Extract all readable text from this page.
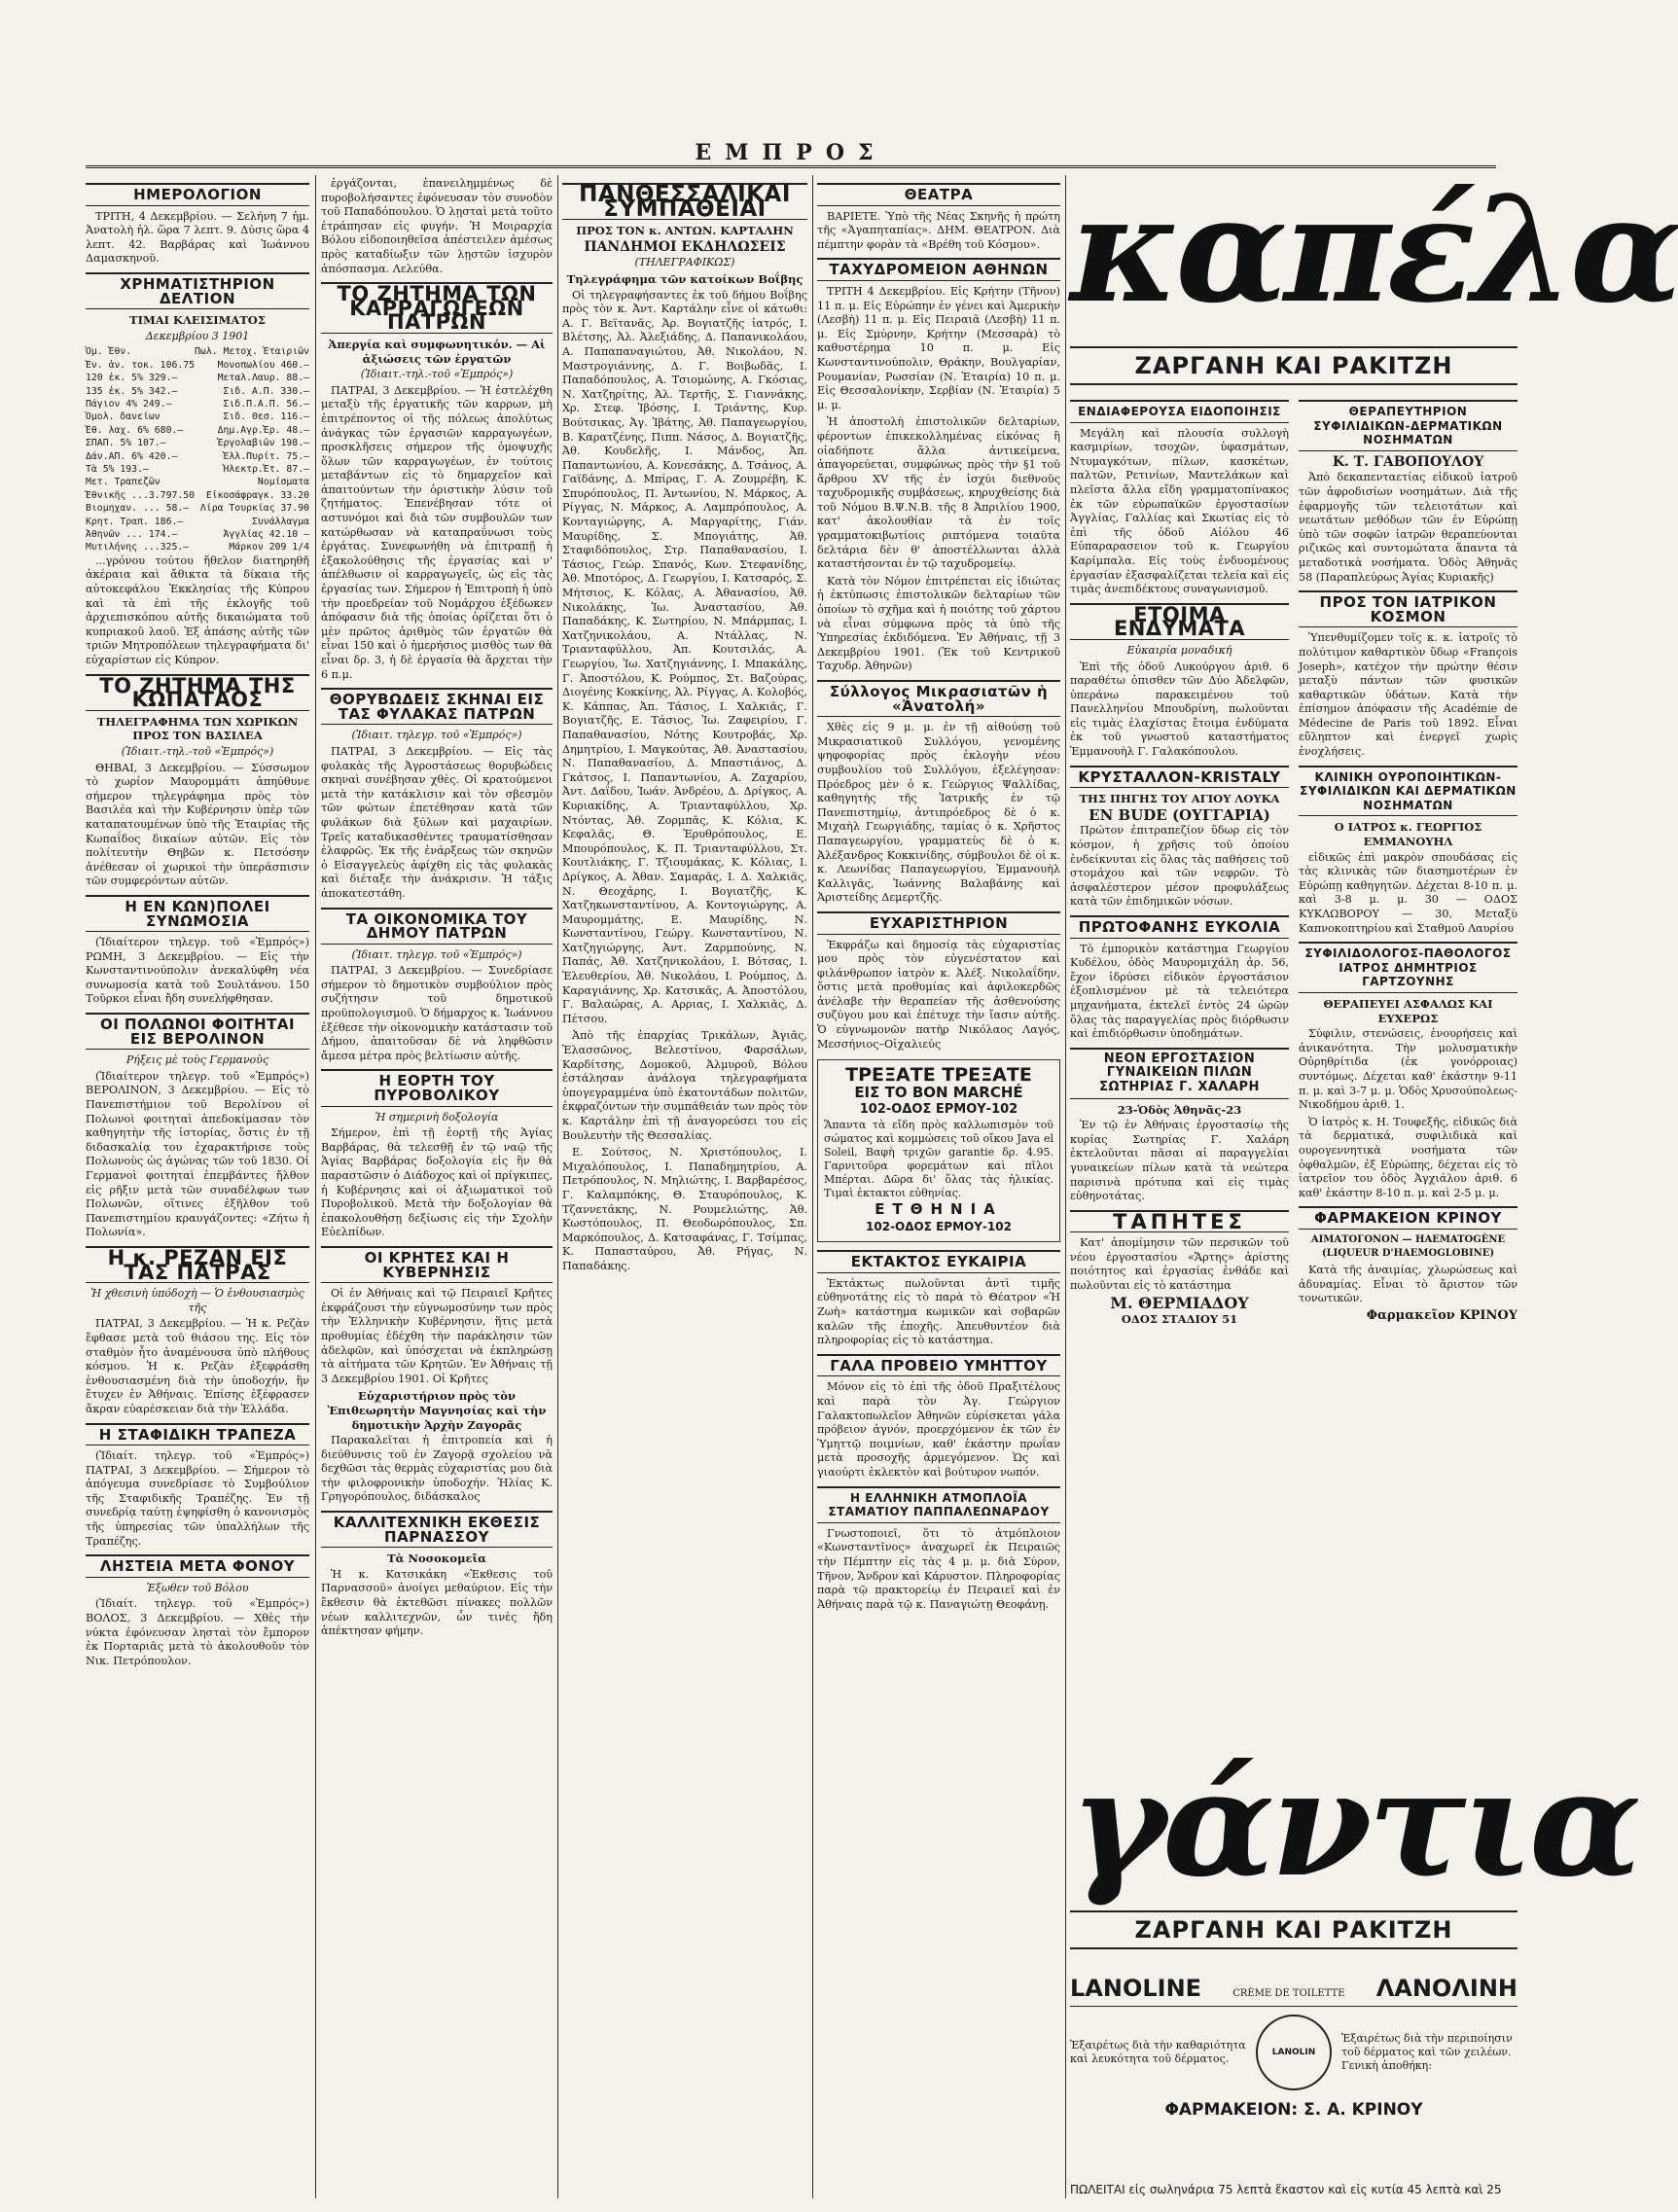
ΕΜΠΡΟΣ
ΗΜΕΡΟΛΟΓΙΟΝ

ΤΡΙΤΗ, 4 Δεκεμβρίου. — Σελήνη 7 ἡμ. Ἀνατολὴ ἡλ. ὥρα 7 λεπτ. 9. Δύσις ὥρα 4 λεπτ. 42. Βαρβάρας καὶ Ἰωάννου Δαμασκηνοῦ.

ΧΡΗΜΑΤΙΣΤΗΡΙΟΝ ΔΕΛΤΙΟΝ
ΤΙΜΑΙ ΚΛΕΙΣΙΜΑΤΟΣ
Δεκεμβρίου 3 1901
Ὁμ. Ἐθν.	Πωλ. Μετοχ. Ἑταιριῶν
Ἐν. ἀν. τοκ. 106.75 Μονοπωλίου 460.—
120 ἐκ. 5% 329.—	Μεταλ.Λαυρ. 88.—
135 ἐκ. 5% 342.—	Σιδ. Α.Π. 330.—
Πάγιον 4% 249.—	Σιδ.Π.Α.Π. 56.—
Ὁμολ. δανείων	Σιδ. Θεσ. 116.—
Ἐθ. λαχ. 6% 680.—	Δημ.Αγρ.Ἐρ. 48.—
ΣΠΑΠ. 5% 107.—	Ἐργολαβιῶν 198.—
Δάν.ΑΠ. 6% 420.—	Ἑλλ.Πυρίτ. 75.—
Τὰ 5% 193.—	Ἠλεκτρ.Ἐτ. 87.—
Μετ. Τραπεζῶν	Νομίσματα
Ἐθνικῆς ...3.797.50 Εἰκοσάφραγκ. 33.20
Βιομηχαν. ... 58.— Λίρα Τουρκίας 37.90
Κρητ. Τραπ. 186.—	Συνάλλαγμα
Ἀθηνῶν ... 174.—	Ἀγγλίας 42.10 —
Μυτιλήνης ...325.—	Μάρκον 209 1/4

...γρόνου τούτου ἤθελον διατηρηθῆ ἀκέραια καὶ ἄθικτα τὰ δίκαια τῆς αὐτοκεφάλου Ἐκκλησίας τῆς Κύπρου καὶ τὰ ἐπὶ τῆς ἐκλογῆς τοῦ ἀρχιεπισκόπου αὐτῆς δικαιώματα τοῦ κυπριακοῦ λαοῦ. Ἐξ ἀπάσης αὐτῆς τῶν τριῶν Μητροπόλεων τηλεγραφήματα δι' εὐχαρίστων εἰς Κύπρον.

ΤΟ ΖΗΤΗΜΑ ΤΗΣ ΚΩΠΑΤΑΟΣ
ΤΗΛΕΓΡΑΦΗΜΑ ΤΩΝ ΧΩΡΙΚΩΝ ΠΡΟΣ ΤΟΝ ΒΑΣΙΛΕΑ
(Ἰδιαιτ.-τηλ.-τοῦ «Ἐμπρός»)

ΘΗΒΑΙ, 3 Δεκεμβρίου. — Σύσσωμον τὸ χωρίον Μαυρομμάτι ἀπηύθυνε σήμερον τηλεγράφημα πρὸς τὸν Βασιλέα καὶ τὴν Κυβέρνησιν ὑπὲρ τῶν καταπατουμένων ὑπὸ τῆς Ἑταιρίας τῆς Κωπαΐδος δικαίων αὐτῶν. Εἰς τὸν πολίτευτὴν Θηβῶν κ. Πετσόσην ἀνέθεσαν οἱ χωρικοὶ τὴν ὑπεράσπισιν τῶν συμφερόντων αὐτῶν.

Η ΕΝ ΚΩΝ)ΠΟΛΕΙ ΣΥΝΩΜΟΣΙΑ

(Ἰδιαίτερον τηλεγρ. τοῦ «Ἐμπρός») ΡΩΜΗ, 3 Δεκεμβρίου. — Εἰς τὴν Κωνσταντινούπολιν ἀνεκαλύφθη νέα συνωμοσία κατὰ τοῦ Σουλτάνου. 150 Τοῦρκοι εἶναι ἤδη συνελήφθησαν.

ΟΙ ΠΟΛΩΝΟΙ ΦΟΙΤΗΤΑΙ ΕΙΣ ΒΕΡΟΛΙΝΟΝ
Ρήξεις μὲ τοὺς Γερμανοὺς

(Ἰδιαίτερον τηλεγρ. τοῦ «Ἐμπρός») ΒΕΡΟΛΙΝΟΝ, 3 Δεκεμβρίου. — Εἰς τὸ Πανεπιστήμιον τοῦ Βερολίνου οἱ Πολωνοὶ φοιτηταὶ ἀπεδοκίμασαν τὸν καθηγητὴν τῆς ἱστορίας, ὅστις ἐν τῇ διδασκαλίᾳ του ἐχαρακτήρισε τοὺς Πολωνοὺς ὡς ἀγώνας τῶν τοῦ 1830. Οἱ Γερμανοὶ φοιτηταὶ ἐπεμβάντες ἤλθον εἰς ρῆξιν μετὰ τῶν συναδέλφων των Πολωνῶν, οἵτινες ἐξῆλθον τοῦ Πανεπιστημίου κραυγάζοντες: «Ζήτω ἡ Πολωνία».

Η κ. ΡΕΖΑΝ ΕΙΣ ΤΑΣ ΠΑΤΡΑΣ
Ἡ χθεσινὴ ὑπόδοχὴ — Ὁ ἐνθουσιασμὸς τῆς

ΠΑΤΡΑΙ, 3 Δεκεμβρίου. — Ἡ κ. Ρεζὰν ἔφθασε μετὰ τοῦ θιάσου της. Εἰς τὸν σταθμὸν ἦτο ἀναμένουσα ὑπὸ πλήθους κόσμου. Ἡ κ. Ρεζὰν ἐξεφράσθη ἐνθουσιασμένη διὰ τὴν ὑποδοχήν, ἣν ἔτυχεν ἐν Ἀθήναις. Ἐπίσης ἐξέφρασεν ἄκραν εὐαρέσκειαν διὰ τὴν Ἑλλάδα.

Η ΣΤΑΦΙΔΙΚΗ ΤΡΑΠΕΖΑ

(Ἰδιαίτ. τηλεγρ. τοῦ «Ἐμπρός») ΠΑΤΡΑΙ, 3 Δεκεμβρίου. — Σήμερον τὸ ἀπόγευμα συνεδρίασε τὸ Συμβούλιον τῆς Σταφιδικῆς Τραπέζης. Ἐν τῇ συνεδρίᾳ ταύτῃ ἐψηφίσθη ὁ κανονισμὸς τῆς ὑπηρεσίας τῶν ὑπαλλήλων τῆς Τραπέζης.

ΛΗΣΤΕΙΑ ΜΕΤΑ ΦΟΝΟΥ
Ἐξωθεν τοῦ Βόλου

(Ἰδιαίτ. τηλεγρ. τοῦ «Ἐμπρός») ΒΟΛΟΣ, 3 Δεκεμβρίου. — Χθὲς τὴν νύκτα ἐφόνευσαν λησταὶ τὸν ἔμπορον ἐκ Πορταριᾶς μετὰ τὸ ἀκολουθοῦν τὸν Νικ. Πετρόπουλον.

ἐργάζονται, ἐπανειλημμένως δὲ πυροβολήσαντες ἐφόνευσαν τὸν συνοδὸν τοῦ Παπαδόπουλου. Ὁ λῃσταὶ μετὰ τοῦτο ἐτράπησαν εἰς φυγήν. Ἡ Μοιραρχία Βόλου εἰδοποιηθεῖσα ἀπέστειλεν ἀμέσως πρὸς καταδίωξιν τῶν λῃστῶν ἰσχυρὸν ἀπόσπασμα. Λελεύθα.

ΤΟ ΖΗΤΗΜΑ ΤΩΝ ΚΑΡΡΑΓΩΓΕΩΝ ΠΑΤΡΩΝ
Ἀπεργία καὶ συμφωνητικόν. — Αἱ ἀξιώσεις τῶν ἐργατῶν
(Ἰδιαιτ.-τηλ.-τοῦ «Ἐμπρός»)

ΠΑΤΡΑΙ, 3 Δεκεμβρίου. — Ἡ ἐστελέχθη μεταξὺ τῆς ἐργατικῆς τῶν καρρων, μὴ ἐπιτρέποντος οἱ τῆς πόλεως ἀπολύτως ἀνάγκας τῶν ἐργασιῶν καρραγωγέων, προσκλῆσεις σήμερον τῆς ὁμοψυχῆς ὅλων τῶν καρραγωγέων, ἐν τούτοις μεταβάντων εἰς τὸ δημαρχεῖον καὶ ἀπαιτούντων τὴν ὁριστικὴν λύσιν τοῦ ζητήματος. Ἐπενέβησαν τότε οἱ αστυνόμοι καὶ διὰ τῶν συμβουλῶν των κατώρθωσαν νὰ καταπραΰνωσι τοὺς ἐργάτας. Συνεφωνήθη νὰ ἐπιτραπῇ ἡ ἐξακολούθησις τῆς ἐργασίας καὶ ν' ἀπέλθωσιν οἱ καρραγωγεῖς, ὡς εἰς τὰς ἐργασίας των. Σήμερον ἡ Ἐπιτροπὴ ἡ ὑπὸ τὴν προεδρείαν τοῦ Νομάρχου ἐξέδωκεν ἀπόφασιν διὰ τῆς ὁποίας ὁρίζεται ὅτι ὁ μὲν πρῶτος ἀριθμὸς τῶν ἐργατῶν θὰ εἶναι 150 καὶ ὁ ἡμερήσιος μισθὸς των θὰ εἶναι δρ. 3, ἡ δὲ ἐργασία θὰ ἄρχεται τὴν 6 π.μ.

ΘΟΡΥΒΩΔΕΙΣ ΣΚΗΝΑΙ ΕΙΣ ΤΑΣ ΦΥΛΑΚΑΣ ΠΑΤΡΩΝ
(Ἰδιαιτ. τηλεγρ. τοῦ «Ἐμπρός»)

ΠΑΤΡΑΙ, 3 Δεκεμβρίου. — Εἰς τὰς φυλακὰς τῆς Ἀγροστάσεως θορυβώδεις σκηναὶ συνέβησαν χθὲς. Οἱ κρατούμενοι μετὰ τὴν κατάκλισιν καὶ τὸν σβεσμὸν τῶν φώτων ἐπετέθησαν κατὰ τῶν φυλάκων διὰ ξύλων καὶ μαχαιρίων. Τρεῖς καταδικασθέντες τραυματίσθησαν ἐλαφρῶς. Ἐκ τῆς ἐνάρξεως τῶν σκηνῶν ὁ Εἰσαγγελεὺς ἀφίχθη εἰς τὰς φυλακὰς καὶ διέταξε τὴν ἀνάκρισιν. Ἡ τάξις ἀποκατεστάθη.

ΤΑ ΟΙΚΟΝΟΜΙΚΑ ΤΟΥ ΔΗΜΟΥ ΠΑΤΡΩΝ
(Ἰδιαιτ. τηλεγρ. τοῦ «Ἐμπρός»)

ΠΑΤΡΑΙ, 3 Δεκεμβρίου. — Συνεδρίασε σήμερον τὸ δημοτικὸν συμβούλιον πρὸς συζήτησιν τοῦ δημοτικοῦ προϋπολογισμοῦ. Ὁ δήμαρχος κ. Ἰωάννου ἐξέθεσε τὴν οἰκονομικὴν κατάστασιν τοῦ Δήμου, ἀπαιτοῦσαν δὲ νὰ ληφθῶσιν ἄμεσα μέτρα πρὸς βελτίωσιν αὐτῆς.

Η ΕΟΡΤΗ ΤΟΥ ΠΥΡΟΒΟΛΙΚΟΥ
Ἡ σημερινὴ δοξολογία

Σήμερον, ἐπὶ τῇ ἑορτῇ τῆς Ἁγίας Βαρβάρας, θὰ τελεσθῇ ἐν τῷ ναῷ τῆς Ἁγίας Βαρβάρας δοξολογία εἰς ἣν θὰ παραστῶσιν ὁ Διάδοχος καὶ οἱ πρίγκιπες, ἡ Κυβέρνησις καὶ οἱ ἀξιωματικοὶ τοῦ Πυροβολικοῦ. Μετὰ τὴν δοξολογίαν θὰ ἐπακολουθήσῃ δεξίωσις εἰς τὴν Σχολὴν Εὐελπίδων.

ΟΙ ΚΡΗΤΕΣ ΚΑΙ Η ΚΥΒΕΡΝΗΣΙΣ

Οἱ ἐν Ἀθήναις καὶ τῷ Πειραιεῖ Κρῆτες ἐκφράζουσι τὴν εὐγνωμοσύνην των πρὸς τὴν Ἑλληνικὴν Κυβέρνησιν, ἥτις μετὰ προθυμίας ἐδέχθη τὴν παράκλησιν τῶν ἀδελφῶν, καὶ ὑπόσχεται νὰ ἐκπληρώσῃ τὰ αἰτήματα τῶν Κρητῶν. Ἐν Ἀθήναις τῇ 3 Δεκεμβρίου 1901. Οἱ Κρῆτες

Εὐχαριστήριον πρὸς τὸν Ἐπιθεωρητὴν Μαγνησίας καὶ τὴν δημοτικὴν Ἀρχὴν Ζαγορᾶς

Παρακαλεῖται ἡ ἐπιτροπεία καὶ ἡ διεύθυνσις τοῦ ἐν Ζαγορᾷ σχολείου νὰ δεχθῶσι τὰς θερμὰς εὐχαριστίας μου διὰ τὴν φιλοφρονικὴν ὑποδοχήν. Ἠλίας Κ. Γρηγορόπουλος, διδάσκαλος

ΚΑΛΛΙΤΕΧΝΙΚΗ ΕΚΘΕΣΙΣ ΠΑΡΝΑΣΣΟΥ
Τὰ Νοσοκομεῖα

Ἡ κ. Κατσικάκη «Ἐκθεσις τοῦ Παρνασσοῦ» ἀνοίγει μεθαύριον. Εἰς τὴν ἔκθεσιν θὰ ἐκτεθῶσι πίνακες πολλῶν νέων καλλιτεχνῶν, ὧν τινὲς ἤδη ἀπέκτησαν φήμην.

ΠΑΝΘΕΣΣΑΛΙΚΑΙ ΣΥΜΠΑΘΕΙΑΙ
ΠΡΟΣ ΤΟΝ κ. ΑΝΤΩΝ. ΚΑΡΤΑΛΗΝ
ΠΑΝΔΗΜΟΙ ΕΚΔΗΛΩΣΕΙΣ
(ΤΗΛΕΓΡΑΦΙΚΩΣ)
Τηλεγράφημα τῶν κατοίκων Βοΐβης

Οἱ τηλεγραφήσαντες ἐκ τοῦ δήμου Βοΐβης πρὸς τὸν κ. Ἀντ. Καρτάλην εἶνε οἱ κάτωθι: Α. Γ. Βεϊτανᾶς, Ἀρ. Βογιατζῆς ἰατρός, Ι. Βλέτσης, Ἀλ. Ἀλεξιάδης, Δ. Παπανικολάου, Α. Παπαπαναγιώτου, Ἀθ. Νικολάου, Ν. Μαστρογιάννης, Δ. Γ. Βοιβωδᾶς, Ι. Παπαδόπουλος, Α. Τσιομώνης, Α. Γκόσιας, Ν. Χατζηρίτης, Ἀλ. Τερτῆς, Σ. Γιαννάκης, Χρ. Στεφ. Ἰβόσης, Ι. Τριάντης, Κυρ. Βούτσικας, Ἀγ. Ἰβάτης, Ἀθ. Παπαγεωργίου, Β. Καρατζένης, Πιππ. Νάσος, Δ. Βογιατζῆς, Ἀθ. Κουδελῆς, Ι. Μάνδος, Ἀπ. Παπαντωνίου, Α. Κονεσάκης, Δ. Τσάνος, Α. Γαϊδάνης, Δ. Μπίρας, Γ. Α. Ζουμρέβη, Κ. Σπυρόπουλος, Π. Ἀντωνίου, Ν. Μάρκος, Α. Ρίγγας, Ν. Μάρκος, Α. Λαμπρόπουλος, Α. Κονταγιώργης, Α. Μαργαρίτης, Γιάν. Μαυρίδης, Σ. Μπογιάτης, Ἀθ. Σταφιδόπουλος, Στρ. Παπαθανασίου, Ι. Τάσιος, Γεώρ. Σπανός, Κων. Στεφανίδης, Ἀθ. Μποτόρος, Δ. Γεωργίου, Ι. Κατσαρός, Σ. Μήτσιος, Κ. Κόλας, Α. Ἀθανασίου, Ἀθ. Νικολάκης, Ἰω. Ἀναστασίου, Ἀθ. Παπαδάκης, Κ. Σωτηρίου, Ν. Μπάρμπας, Ι. Χατζηνικολάου, Α. Ντάλλας, Ν. Τριανταφύλλου, Ἀπ. Κουτσιλάς, Α. Γεωργίου, Ἰω. Χατζηγιάννης, Ι. Μπακάλης, Γ. Ἀποστόλου, Κ. Ρούμπος, Στ. Βαζούρας, Διογένης Κοκκίνης, Ἀλ. Ρίγγας, Α. Κολοβός, Κ. Κάππας, Ἀπ. Τάσιος, Ι. Χαλκιᾶς, Γ. Βογιατζῆς, Ε. Τάσιος, Ἰω. Ζαφειρίου, Γ. Παπαθανασίου, Νότης Κουτροβάς, Χρ. Δημητρίου, Ι. Μαγκούτας, Ἀθ. Ἀναστασίου, Ν. Παπαθανασίου, Δ. Μπαστιάνος, Δ. Γκάτσος, Ι. Παπαντωνίου, Α. Ζαχαρίου, Ἀντ. Δαΐδου, Ἰωάν. Ἀνδρέου, Δ. Δρίγκος, Α. Κυριακίδης, Α. Τριανταφύλλου, Χρ. Ντόντας, Ἀθ. Ζορμπᾶς, Κ. Κόλια, Κ. Κεφαλᾶς, Θ. Ἐρυθρόπουλος, Ε. Μπουρόπουλος, Κ. Π. Τριανταφύλλου, Στ. Κουτλιάκης, Γ. Τζιουμάκας, Κ. Κόλιας, Ι. Δρίγκος, Α. Ἀθαν. Σαμαρᾶς, Ι. Δ. Χαλκιᾶς, Ν. Θεοχάρης, Ι. Βογιατζῆς, Κ. Χατζηκωνσταντίνου, Α. Κοντογιώργης, Α. Μαυρομμάτης, Ε. Μαυρίδης, Ν. Κωνσταντίνου, Γεώργ. Κωνσταντίνου, Ν. Χατζηγιώργης, Ἀντ. Ζαρμπούνης, Ν. Παπάς, Ἀθ. Χατζηνικολάου, Ι. Βότσας, Ι. Ἐλευθερίου, Ἀθ. Νικολάου, Ι. Ρούμπος, Δ. Καραγιάννης, Χρ. Κατσικᾶς, Α. Ἀποστόλου, Γ. Βαλαώρας, Α. Αρριας, Ι. Χαλκιᾶς, Δ. Πέτσου.

Ἀπὸ τῆς ἐπαρχίας Τρικάλων, Ἀγιᾶς, Ἐλασσῶνος, Βελεστίνου, Φαρσάλων, Καρδίτσης, Δομοκοῦ, Ἀλμυροῦ, Βόλου ἐστάλησαν ἀνάλογα τηλεγραφήματα ὑπογεγραμμένα ὑπὸ ἑκατοντάδων πολιτῶν, ἐκφραζόντων τὴν συμπάθειάν των πρὸς τὸν κ. Καρτάλην ἐπὶ τῇ ἀναγορεύσει του εἰς Βουλευτὴν τῆς Θεσσαλίας.

Ε. Σούτσος, Ν. Χριστόπουλος, Ι. Μιχαλόπουλος, Ι. Παπαδημητρίου, Α. Πετρόπουλος, Ν. Μηλιώτης, Ι. Βαρβαρέσος, Γ. Καλαμπόκης, Θ. Σταυρόπουλος, Κ. Τζαννετάκης, Ν. Ρουμελιώτης, Ἀθ. Κωστόπουλος, Π. Θεοδωρόπουλος, Σπ. Μαρκόπουλος, Δ. Κατσαφάνας, Γ. Τσίμπας, Κ. Παπασταύρου, Ἀθ. Ρήγας, Ν. Παπαδάκης.

ΘΕΑΤΡΑ

ΒΑΡΙΕΤΕ. Ὑπὸ τῆς Νέας Σκηνῆς ἡ πρώτη τῆς «Ἀγαπηταπίας». ΔΗΜ. ΘΕΑΤΡΟΝ. Διὰ πέμπτην φορὰν τὰ «Βρέθη τοῦ Κόσμου».

ΤΑΧΥΔΡΟΜΕΙΟΝ ΑΘΗΝΩΝ

ΤΡΙΤΗ 4 Δεκεμβρίου. Εἰς Κρήτην (Τῆνον) 11 π. μ. Εἰς Εὐρώπην ἐν γένει καὶ Ἀμερικὴν (Λεσβὴ) 11 π. μ. Εἰς Πειραιᾶ (Λεσβὴ) 11 π. μ. Εἰς Σμύρνην, Κρήτην (Μεσσαρὰ) τὸ καθυστέρημα 10 π. μ. Εἰς Κωνσταντινούπολιν, Θράκην, Βουλγαρίαν, Ρουμανίαν, Ρωσσίαν (Ν. Ἐταιρία) 10 π. μ. Εἰς Θεσσαλονίκην, Σερβίαν (Ν. Ἐταιρία) 5 μ. μ.

Ἡ ἀποστολὴ ἐπιστολικῶν δελταρίων, φέροντων ἐπικεκολλημένας εἰκόνας ἢ οἱαδήποτε ἄλλα ἀντικείμενα, ἀπαγορεύεται, συμφώνως πρὸς τὴν §1 τοῦ ἄρθρου XV τῆς ἐν ἰσχύι διεθνοῦς ταχυδρομικῆς συμβάσεως, κηρυχθείσης διὰ τοῦ Νόμου Β.Ψ.Ν.Β. τῆς 8 Ἀπριλίου 1900, κατ' ἀκολουθίαν τὰ ἐν τοῖς γραμματοκιβωτίοις ριπτόμενα τοιαῦτα δελτάρια δὲν θ' ἀποστέλλωνται ἀλλὰ καταστήσονται ἐν τῷ ταχυδρομείῳ.

Κατὰ τὸν Νόμον ἐπιτρέπεται εἰς ἰδιώτας ἡ ἐκτύπωσις ἐπιστολικῶν δελταρίων τῶν ὁποίων τὸ σχῆμα καὶ ἡ ποιότης τοῦ χάρτου νὰ εἶναι σύμφωνα πρὸς τὰ ὑπὸ τῆς Ὑπηρεσίας ἐκδιδόμενα. Ἐν Ἀθήναις, τῇ 3 Δεκεμβρίου 1901. (Ἐκ τοῦ Κεντρικοῦ Ταχυδρ. Ἀθηνῶν)

Σύλλογος Μικρασιατῶν ἡ «Ἀνατολή»

Χθὲς εἰς 9 μ. μ. ἐν τῇ αἰθούσῃ τοῦ Μικρασιατικοῦ Συλλόγου, γενομένης ψηφοφορίας πρὸς ἐκλογὴν νέου συμβουλίου τοῦ Συλλόγου, ἐξελέγησαν: Πρόεδρος μὲν ὁ κ. Γεώργιος Ψαλλίδας, καθηγητὴς τῆς Ἰατρικῆς ἐν τῷ Πανεπιστημίῳ, ἀντιπρόεδρος δὲ ὁ κ. Μιχαὴλ Γεωργιάδης, ταμίας ὁ κ. Χρῆστος Παπαγεωργίου, γραμματεὺς δὲ ὁ κ. Ἀλέξανδρος Κοκκινίδης, σύμβουλοι δὲ οἱ κ. κ. Λεωνίδας Παπαγεωργίου, Ἐμμανουὴλ Καλλιγᾶς, Ἰωάννης Βαλαβάνης καὶ Ἀριστείδης Δεμερτζῆς.

ΕΥΧΑΡΙΣΤΗΡΙΟΝ

Ἐκφράζω καὶ δημοσίᾳ τὰς εὐχαριστίας μου πρὸς τὸν εὐγενέστατον καὶ φιλάνθρωπον ἰατρὸν κ. Ἀλέξ. Νικολαΐδην, ὅστις μετὰ προθυμίας καὶ ἀφιλοκερδῶς ἀνέλαβε τὴν θεραπείαν τῆς ἀσθενούσης συζύγου μου καὶ ἐπέτυχε τὴν ἴασιν αὐτῆς. Ὁ εὐγνωμονῶν πατὴρ Νικόλαος Λαγός, Μεσσήνιος–Οἰχαλιεύς

ΤΡΕΞΑΤΕ ΤΡΕΞΑΤΕ
ΕΙΣ ΤΟ BON MARCHÉ
102-ΟΔΟΣ ΕΡΜΟΥ-102
Ἅπαντα τὰ εἴδη πρὸς καλλωπισμὸν τοῦ σώματος καὶ κομμώσεις τοῦ οἴκου Java el Soleil, Βαφὴ τριχῶν garantie δρ. 4.95. Γαρνιτοῦρα φορεμάτων καὶ πῖλοι Μπέρται. Δῶρα δι' ὅλας τὰς ἡλικίας. Τιμαὶ ἐκτακτοι εὐθηνίας.
ΕΤΘΗΝΙΑ
102-ΟΔΟΣ ΕΡΜΟΥ-102
ΕΚΤΑΚΤΟΣ ΕΥΚΑΙΡΙΑ

Ἐκτάκτως πωλοῦνται ἀντὶ τιμῆς εὐθηνοτάτης εἰς τὸ παρὰ τὸ Θέατρον «Ἡ Ζωὴ» κατάστημα κωμικῶν καὶ σοβαρῶν καλῶν τῆς ἐποχῆς. Ἀπευθυντέον διὰ πληροφορίας εἰς τὸ κατάστημα.

ΓΑΛΑ ΠΡΟΒΕΙΟ ΥΜΗΤΤΟΥ

Μόνον εἰς τὸ ἐπὶ τῆς ὁδοῦ Πραξιτέλους καὶ παρὰ τὸν Ἀγ. Γεώργιον Γαλακτοπωλεῖον Ἀθηνῶν εὑρίσκεται γάλα πρόβειον ἁγνόν, προερχόμενον ἐκ τῶν ἐν Ὑμηττῷ ποιμνίων, καθ' ἑκάστην πρωΐαν μετὰ προσοχῆς ἀρμεγόμενον. Ὡς καὶ γιαούρτι ἐκλεκτὸν καὶ βούτυρον νωπόν.

Η ΕΛΛΗΝΙΚΗ ΑΤΜΟΠΛΟΪΑ ΣΤΑΜΑΤΙΟΥ ΠΑΠΠΑΛΕΩΝΑΡΔΟΥ

Γνωστοποιεῖ, ὅτι τὸ ἀτμόπλοιον «Κωνσταντῖνος» ἀναχωρεῖ ἐκ Πειραιῶς τὴν Πέμπτην εἰς τὰς 4 μ. μ. διὰ Σύρον, Τῆνον, Ἄνδρον καὶ Κάρυστον. Πληροφορίας παρὰ τῷ πρακτορείῳ ἐν Πειραιεῖ καὶ ἐν Ἀθήναις παρὰ τῷ κ. Παναγιώτῃ Θεοφάνῃ.

καπέλα
ΖΑΡΓΑΝΗ ΚΑΙ ΡΑΚΙΤΖΗ
ΕΝΔΙΑΦΕΡΟΥΣΑ ΕΙΔΟΠΟΙΗΣΙΣ

Μεγάλη καὶ πλουσία συλλογὴ κασμιρίων, τσοχῶν, ὑφασμάτων, Ντυμαγκότων, πίλων, κασκέτων, παλτῶν, Ρετινίων, Μαντελάκων καὶ πλεῖστα ἄλλα εἴδη γραμματοπίνακος ἐκ τῶν εὐρωπαϊκῶν ἐργοστασίων Ἀγγλίας, Γαλλίας καὶ Σκωτίας εἰς τὸ ἐπὶ τῆς ὁδοῦ Αἰόλου 46 Εὐπαραρασειον τοῦ κ. Γεωργίου Καρίμπαλα. Εἰς τοὺς ἐνδυομένους ἐργασίαν ἐξασφαλίζεται τελεία καὶ εἰς τιμὰς ἀνεπιδέκτους συναγωνισμοῦ.

ΕΤΟΙΜΑ ΕΝΔΥΜΑΤΑ
Εὐκαιρία μοναδική

Ἐπὶ τῆς ὁδοῦ Λυκούργου ἀριθ. 6 παραθέτω ὀπισθεν τῶν Δύο Ἀδελφῶν, ὑπεράνω παρακειμένου τοῦ Πανελληνίου Μπουδρίνη, πωλοῦνται εἰς τιμὰς ἐλαχίστας ἔτοιμα ἐνδύματα ἐκ τοῦ γνωστοῦ καταστήματος Ἐμμανουὴλ Γ. Γαλακόπουλου.

ΚΡΥΣΤΑΛΛΟΝ-KRISTALY
ΤΗΣ ΠΗΓΗΣ ΤΟΥ ΑΓΙΟΥ ΛΟΥΚΑ
EN BUDE (ΟΥΓΓΑΡΙΑ)

Πρώτον ἐπιτραπεζίον ὕδωρ εἰς τὸν κόσμον, ἡ χρῆσις τοῦ ὁποίου ἐνδείκνυται εἰς ὅλας τὰς παθήσεις τοῦ στομάχου καὶ τῶν νεφρῶν. Τὸ ἀσφαλέστερον μέσον προφυλάξεως κατὰ τῶν ἐπιδημικῶν νόσων.

ΠΡΩΤΟΦΑΝΗΣ ΕΥΚΟΛΙΑ

Τὸ ἐμπορικὸν κατάστημα Γεωργίου Κυδέλου, ὁδὸς Μαυρομιχάλη ἀρ. 56, ἔχον ἱδρύσει εἰδικὸν ἐργοστάσιον ἐξοπλισμένον μὲ τὰ τελειότερα μηχανήματα, ἐκτελεῖ ἐντὸς 24 ὡρῶν ὅλας τὰς παραγγελίας πρὸς διόρθωσιν καὶ ἐπιδιόρθωσιν ὑποδημάτων.

ΝΕΟΝ ΕΡΓΟΣΤΑΣΙΟΝ ΓΥΝΑΙΚΕΙΩΝ ΠΙΛΩΝ ΣΩΤΗΡΙΑΣ Γ. ΧΑΛΑΡΗ
23-Ὁδὸς Ἀθηνᾶς-23

Ἐν τῷ ἐν Ἀθήναις ἐργοστασίῳ τῆς κυρίας Σωτηρίας Γ. Χαλάρη ἐκτελοῦνται πᾶσαι αἱ παραγγελίαι γυναικείων πίλων κατὰ τὰ νεώτερα παρισινὰ πρότυπα καὶ εἰς τιμὰς εὐθηνοτάτας.

ΤΑΠΗΤΕΣ

Κατ' ἀπομίμησιν τῶν περσικῶν τοῦ νέου ἐργοστασίου «Ἄρτης» ἀρίστης ποιότητος καὶ ἐργασίας ἐνθάδε καὶ πωλοῦνται εἰς τὸ κατάστημα

Μ. ΘΕΡΜΙΑΔΟΥ
ΟΔΟΣ ΣΤΑΔΙΟΥ 51
ΘΕΡΑΠΕΥΤΗΡΙΟΝ ΣΥΦΙΛΙΔΙΚΩΝ-ΔΕΡΜΑΤΙΚΩΝ ΝΟΣΗΜΑΤΩΝ
Κ. Τ. ΓΑΒΟΠΟΥΛΟΥ

Ἀπὸ δεκαπενταετίας εἰδικοῦ ἰατροῦ τῶν ἀφροδισίων νοσημάτων. Διὰ τῆς ἐφαρμογῆς τῶν τελειοτάτων καὶ νεωτάτων μεθόδων τῶν ἐν Εὐρώπῃ ὑπὸ τῶν σοφῶν ἰατρῶν θεραπεύονται ριζικῶς καὶ συντομώτατα ἅπαντα τὰ μεταδοτικὰ νοσήματα. Ὁδὸς Ἀθηνᾶς 58 (Παραπλεύρως Ἁγίας Κυριακῆς)

ΠΡΟΣ ΤΟΝ ΙΑΤΡΙΚΟΝ ΚΟΣΜΟΝ

Ὑπενθυμίζομεν τοῖς κ. κ. ἰατροῖς τὸ πολύτιμον καθαρτικὸν ὕδωρ «François Joseph», κατέχον τὴν πρώτην θέσιν μεταξὺ πάντων τῶν φυσικῶν καθαρτικῶν ὑδάτων. Κατὰ τὴν ἐπίσημον ἀπόφασιν τῆς Académie de Médecine de Paris τοῦ 1892. Εἶναι εὔληπτον καὶ ἐνεργεῖ χωρὶς ἐνοχλήσεις.

ΚΛΙΝΙΚΗ ΟΥΡΟΠΟΙΗΤΙΚΩΝ-ΣΥΦΙΛΙΔΙΚΩΝ ΚΑΙ ΔΕΡΜΑΤΙΚΩΝ ΝΟΣΗΜΑΤΩΝ
Ο ΙΑΤΡΟΣ κ. ΓΕΩΡΓΙΟΣ ΕΜΜΑΝΟΥΗΛ

εἰδικῶς ἐπὶ μακρὸν σπουδάσας εἰς τὰς κλινικὰς τῶν διασημοτέρων ἐν Εὐρώπῃ καθηγητῶν. Δέχεται 8-10 π. μ. καὶ 3-8 μ. μ. 30 — ΟΔΟΣ ΚΥΚΛΩΒΟΡΟΥ — 30, Μεταξὺ Καπνοκοπτηρίου καὶ Σταθμοῦ Λαυρίου

ΣΥΦΙΛΙΔΟΛΟΓΟΣ-ΠΑΘΟΛΟΓΟΣ ΙΑΤΡΟΣ ΔΗΜΗΤΡΙΟΣ ΓΑΡΤΖΟΥΝΗΣ
ΘΕΡΑΠΕΥΕΙ ΑΣΦΑΛΩΣ ΚΑΙ ΕΥΧΕΡΩΣ

Σύφιλιν, στενώσεις, ἐνουρήσεις καὶ ἀνικανότητα. Τὴν μολυσματικὴν Οὐρηθρίτιδα (ἐκ γονόρροιας) συντόμως. Δέχεται καθ' ἑκάστην 9-11 π. μ. καὶ 3-7 μ. μ. Ὁδὸς Χρυσούπολεως-Νικοδήμου ἀριθ. 1.

Ὁ ἰατρὸς κ. Η. Τουφεξῆς, εἰδικῶς διὰ τὰ δερματικά, συφιλιδικὰ καὶ ουρογεννητικὰ νοσήματα τῶν ὀφθαλμῶν, ἐξ Εὐρώπης, δέχεται εἰς τὸ ἰατρεῖον του ὁδὸς Ἀγχιάλου ἀριθ. 6 καθ' ἑκάστην 8-10 π. μ. καὶ 2-5 μ. μ.

ΦΑΡΜΑΚΕΙΟΝ ΚΡΙΝΟΥ
ΑΙΜΑΤΟΓΟΝΟΝ — HAEMATOGÈNE (LIQUEUR D'HAEMOGLOBINE)

Κατὰ τῆς ἀναιμίας, χλωρώσεως καὶ ἀδυναμίας. Εἶναι τὸ ἄριστον τῶν τονωτικῶν.

Φαρμακεῖον ΚΡΙΝΟΥ
γάντια
ΖΑΡΓΑΝΗ ΚΑΙ ΡΑΚΙΤΖΗ
LANOLINE	CRÈME DE TOILETTE ΛΑΝΟΛΙΝΗ
Ἐξαιρέτως διὰ τὴν καθαριότητα καὶ λευκότητα τοῦ δέρματος.	LANOLIN
Ἐξαιρέτως διὰ τὴν περιποίησιν τοῦ δέρματος καὶ τῶν χειλέων. Γενικὴ ἀποθήκη:
ΦΑΡΜΑΚΕΙΟΝ: Σ. Α. ΚΡΙΝΟΥ
ΠΩΛΕΙΤΑΙ εἰς σωληνάρια 75 λεπτὰ ἕκαστον καὶ εἰς κυτία 45 λεπτὰ καὶ 25
